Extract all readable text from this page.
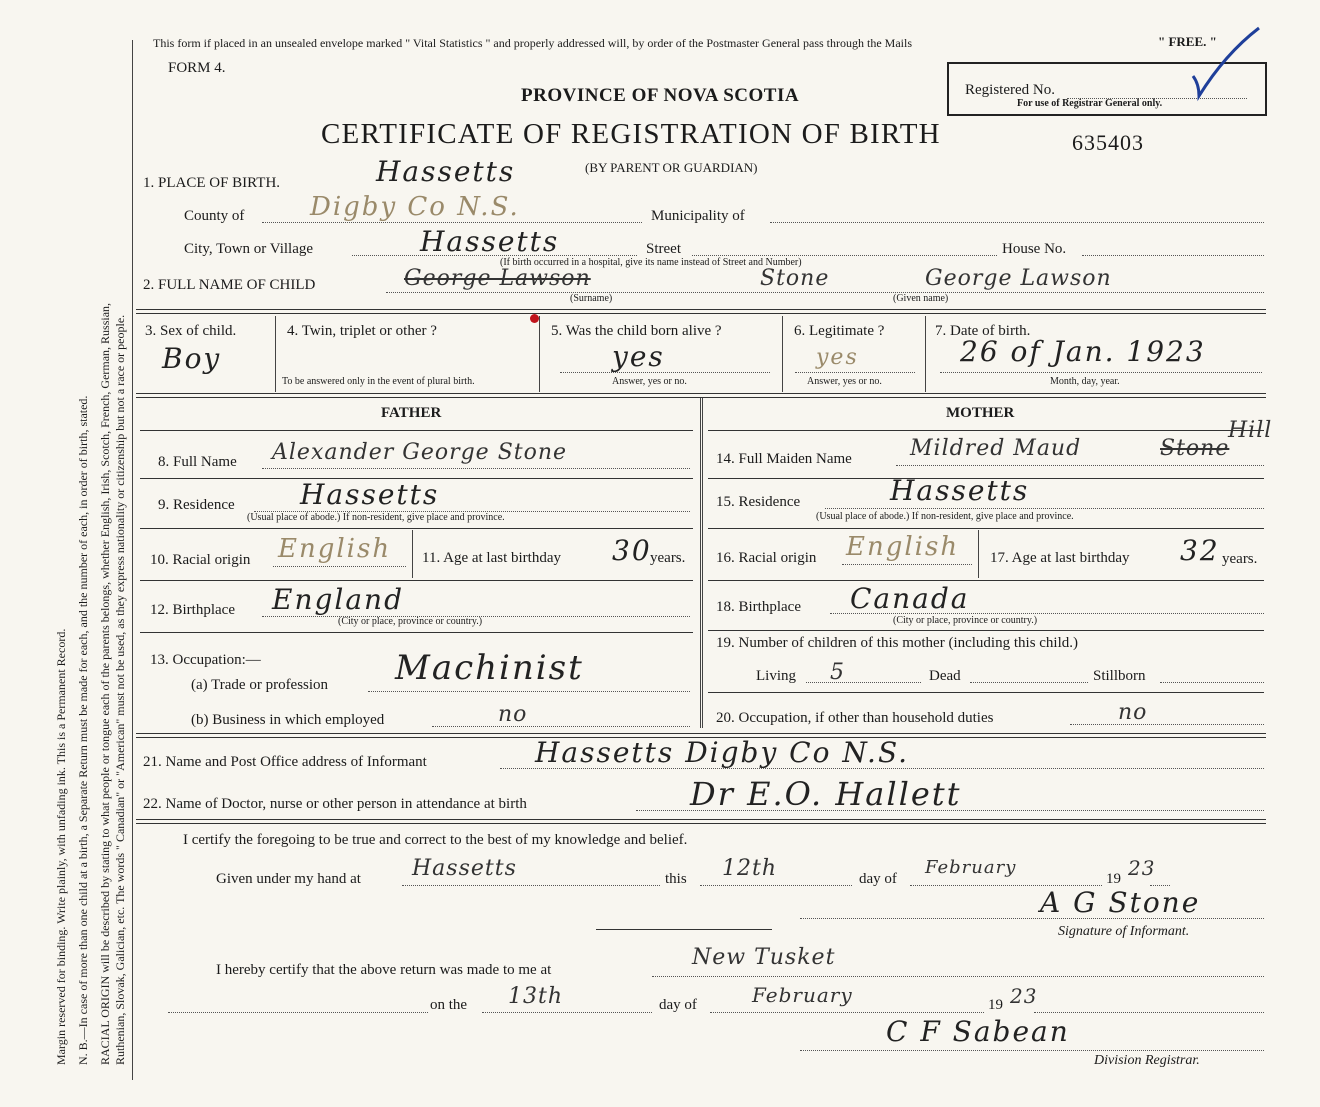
Margin reserved for binding. Write plainly, with unfading ink. This is a Permanent Record. N. B.—In case of more than one child at a birth, a Separate Return must be made for each, and the number of each, in order of birth, stated. RACIAL ORIGIN will be described by stating to what people or tongue each of the parents belongs, whether English, Irish, Scotch, French, German, Russian, Ruthenian, Slovak, Galician, etc. The words " Canadian" or "American" must not be used, as they express nationality or citizenship but not a race or people.
This form if placed in an unsealed envelope marked " Vital Statistics " and properly addressed will, by order of the Postmaster General pass through the Mails	" FREE. "
FORM 4.
PROVINCE OF NOVA SCOTIA
CERTIFICATE OF REGISTRATION OF BIRTH	635403
(BY PARENT OR GUARDIAN)
Registered No.
For use of Registrar General only.
1. PLACE OF BIRTH.	Hassetts
County of	Digby Co N.S.	Municipality of
City, Town or Village	Hassetts	Street	House No.
(If birth occurred in a hospital, give its name instead of Street and Number)
2. FULL NAME OF CHILD	George Lawson	Stone	George Lawson
(Surname)	(Given name)
3. Sex of child.
Boy
4. Twin, triplet or other ?
To be answered only in the event of plural birth.
5. Was the child born alive ?
yes
Answer, yes or no.
6. Legitimate ?
yes
Answer, yes or no.
7. Date of birth.
26 of Jan. 1923
Month, day, year.
FATHER
8. Full Name Alexander George Stone
9. Residence Hassetts
(Usual place of abode.) If non-resident, give place and province.
10. Racial origin English 11. Age at last birthday 30
years.
12. Birthplace England
(City or place, province or country.)
13. Occupation:—
(a) Trade or profession Machinist
(b) Business in which employed	no
MOTHER
14. Full Maiden Name	Mildred Maud	Stone
Hill
15. Residence	Hassetts
(Usual place of abode.) If non-resident, give place and province.
16. Racial origin English 17. Age at last birthday 32 years.
18. Birthplace Canada
(City or place, province or country.)
19. Number of children of this mother (including this child.)
Living 5	Dead	Stillborn
20. Occupation, if other than household duties	no
21. Name and Post Office address of Informant	Hassetts Digby Co N.S.
22. Name of Doctor, nurse or other person in attendance at birth	Dr E.O. Hallett
I certify the foregoing to be true and correct to the best of my knowledge and belief.
Given under my hand at Hassetts	this 12th	day of
February
19 23
A G Stone
Signature of Informant.
I hereby certify that the above return was made to me at	New Tusket
on the 13th	day of	February	19 23
C F Sabean
Division Registrar.
